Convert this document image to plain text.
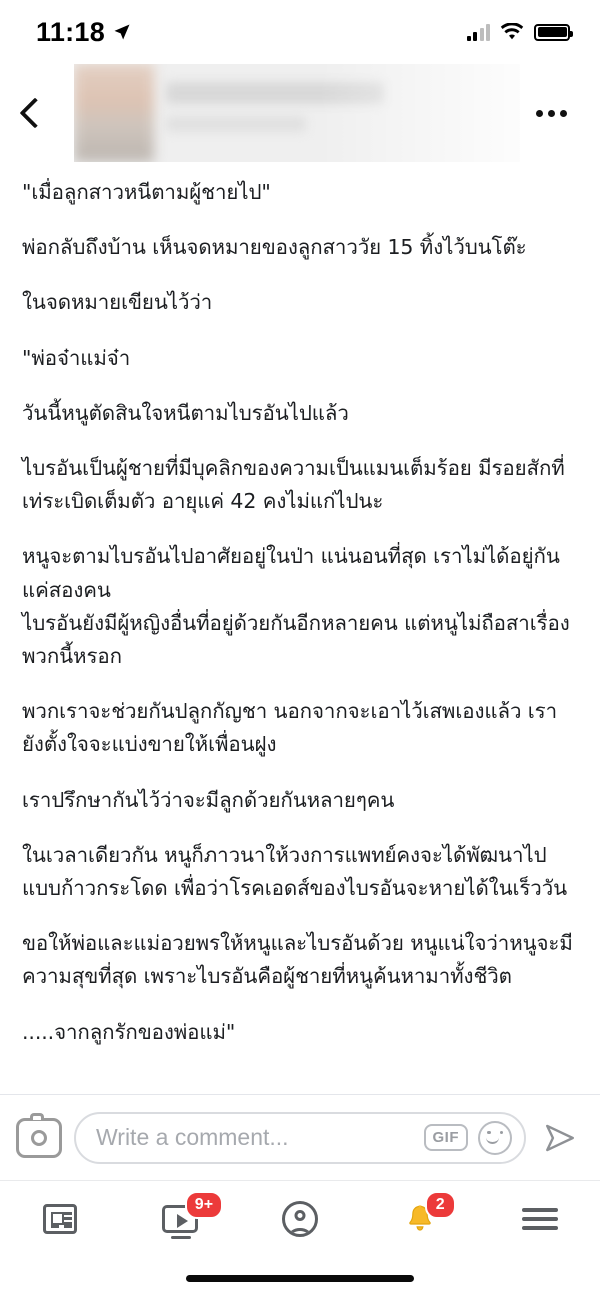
11:18

"เมื่อลูกสาวหนีตามผู้ชายไป"

พ่อกลับถึงบ้าน เห็นจดหมายของลูกสาววัย 15 ทิ้งไว้บนโต๊ะ

ในจดหมายเขียนไว้ว่า

"พ่อจ๋าแม่จ๋า

วันนี้หนูตัดสินใจหนีตามไบรอันไปแล้ว

ไบรอันเป็นผู้ชายที่มีบุคลิกของความเป็นแมนเต็มร้อย มีรอยสักที่เท่ระเบิดเต็มตัว อายุแค่ 42 คงไม่แก่ไปนะ

หนูจะตามไบรอันไปอาศัยอยู่ในป่า แน่นอนที่สุด เราไม่ได้อยู่กันแค่สองคน

ไบรอันยังมีผู้หญิงอื่นที่อยู่ด้วยกันอีกหลายคน แต่หนูไม่ถือสาเรื่องพวกนี้หรอก

พวกเราจะช่วยกันปลูกกัญชา นอกจากจะเอาไว้เสพเองแล้ว เรายังตั้งใจจะแบ่งขายให้เพื่อนฝูง

เราปรึกษากันไว้ว่าจะมีลูกด้วยกันหลายๆคน

ในเวลาเดียวกัน หนูก็ภาวนาให้วงการแพทย์คงจะได้พัฒนาไปแบบก้าวกระโดด เพื่อว่าโรคเอดส์ของไบรอันจะหายได้ในเร็ววัน

ขอให้พ่อและแม่อวยพรให้หนูและไบรอันด้วย หนูแน่ใจว่าหนูจะมีความสุขที่สุด เพราะไบรอันคือผู้ชายที่หนูค้นหามาทั้งชีวิต

.....จากลูกรักของพ่อแม่"

Write a comment...	GIF
9+	2
